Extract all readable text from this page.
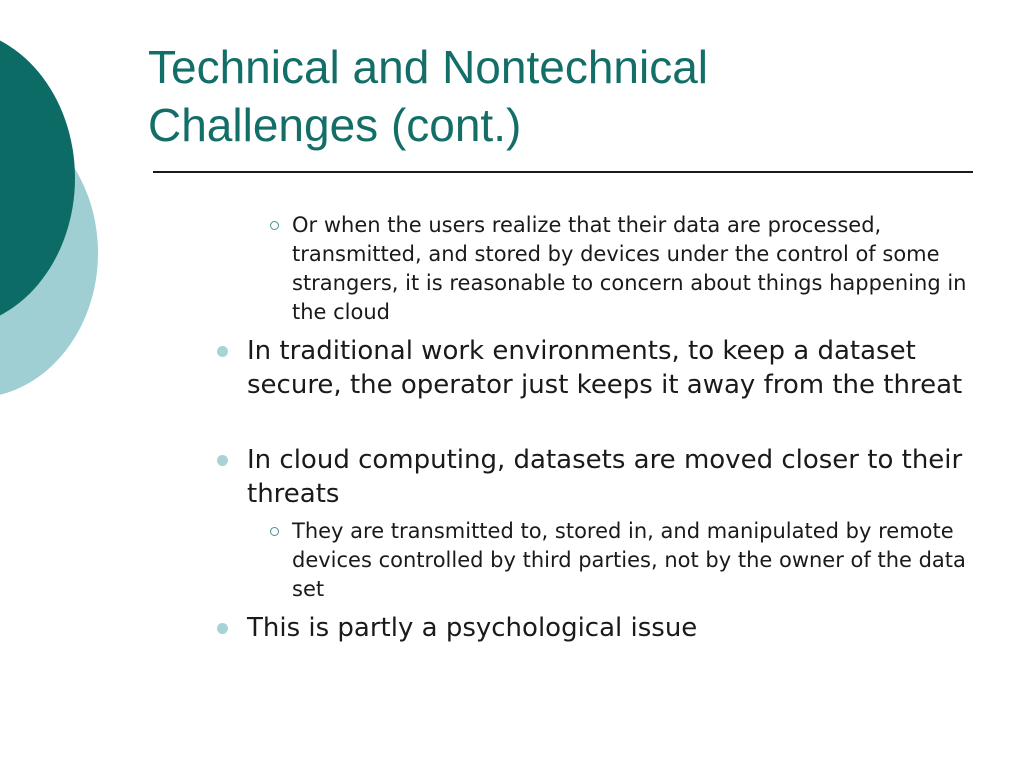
Technical and Nontechnical
Challenges (cont.)
Or when the users realize that their data are processed, transmitted, and stored by devices under the control of some strangers, it is reasonable to concern about things happening in the cloud
In traditional work environments, to keep a dataset secure, the operator just keeps it away from the threat
In cloud computing, datasets are moved closer to their threats
They are transmitted to, stored in, and manipulated by remote devices controlled by third parties, not by the owner of the data set
This is partly a psychological issue
